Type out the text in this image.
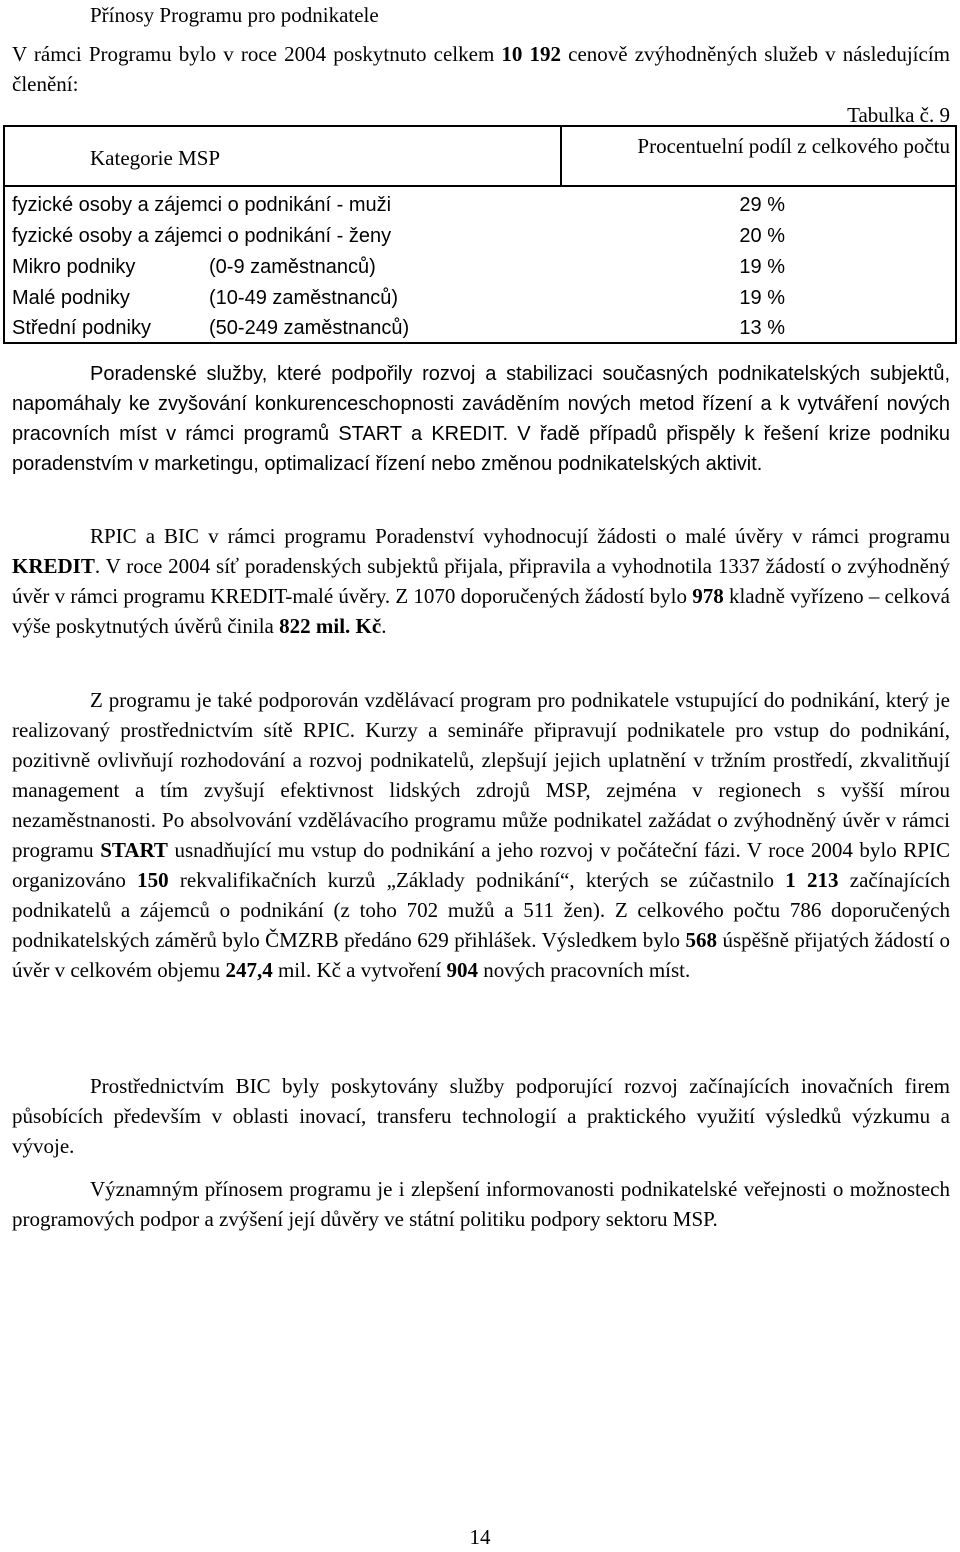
Přínosy Programu pro podnikatele
V rámci Programu bylo v roce 2004 poskytnuto celkem 10 192 cenově zvýhodněných služeb v následujícím členění:
Tabulka č. 9
Kategorie MSP	Procentuelní podíl z celkového počtu
fyzické osoby a zájemci o podnikání - muži	29 %
fyzické osoby a zájemci o podnikání - ženy	20 %
Mikro podniky	(0-9 zaměstnanců)	19 %
Malé podniky	(10-49 zaměstnanců)	19 %
Střední podniky	(50-249 zaměstnanců)	13 %
Poradenské služby, které podpořily rozvoj a stabilizaci současných podnikatelských subjektů, napomáhaly ke zvyšování konkurenceschopnosti zaváděním nových metod řízení a k vytváření nových pracovních míst v rámci programů START a KREDIT. V řadě případů přispěly k řešení krize podniku poradenstvím v marketingu, optimalizací řízení nebo změnou podnikatelských aktivit.
RPIC a BIC v rámci programu Poradenství vyhodnocují žádosti o malé úvěry v rámci programu KREDIT. V roce 2004 síť poradenských subjektů přijala, připravila a vyhodnotila 1337 žádostí o zvýhodněný úvěr v rámci programu KREDIT-malé úvěry. Z 1070 doporučených žádostí bylo 978 kladně vyřízeno – celková výše poskytnutých úvěrů činila 822 mil. Kč.
Z programu je také podporován vzdělávací program pro podnikatele vstupující do podnikání, který je realizovaný prostřednictvím sítě RPIC. Kurzy a semináře připravují podnikatele pro vstup do podnikání, pozitivně ovlivňují rozhodování a rozvoj podnikatelů, zlepšují jejich uplatnění v tržním prostředí, zkvalitňují management a tím zvyšují efektivnost lidských zdrojů MSP, zejména v regionech s vyšší mírou nezaměstnanosti. Po absolvování vzdělávacího programu může podnikatel zažádat o zvýhodněný úvěr v rámci programu START usnadňující mu vstup do podnikání a jeho rozvoj v počáteční fázi. V roce 2004 bylo RPIC organizováno 150 rekvalifikačních kurzů „Základy podnikání“, kterých se zúčastnilo 1 213 začínajících podnikatelů a zájemců o podnikání (z toho 702 mužů a 511 žen). Z celkového počtu 786 doporučených podnikatelských záměrů bylo ČMZRB předáno 629 přihlášek. Výsledkem bylo 568 úspěšně přijatých žádostí o úvěr v celkovém objemu 247,4 mil. Kč a vytvoření 904 nových pracovních míst.
Prostřednictvím BIC byly poskytovány služby podporující rozvoj začínajících inovačních firem působících především v oblasti inovací, transferu technologií a praktického využití výsledků výzkumu a vývoje.
Významným přínosem programu je i zlepšení informovanosti podnikatelské veřejnosti o možnostech programových podpor a zvýšení její důvěry ve státní politiku podpory sektoru MSP.
14
